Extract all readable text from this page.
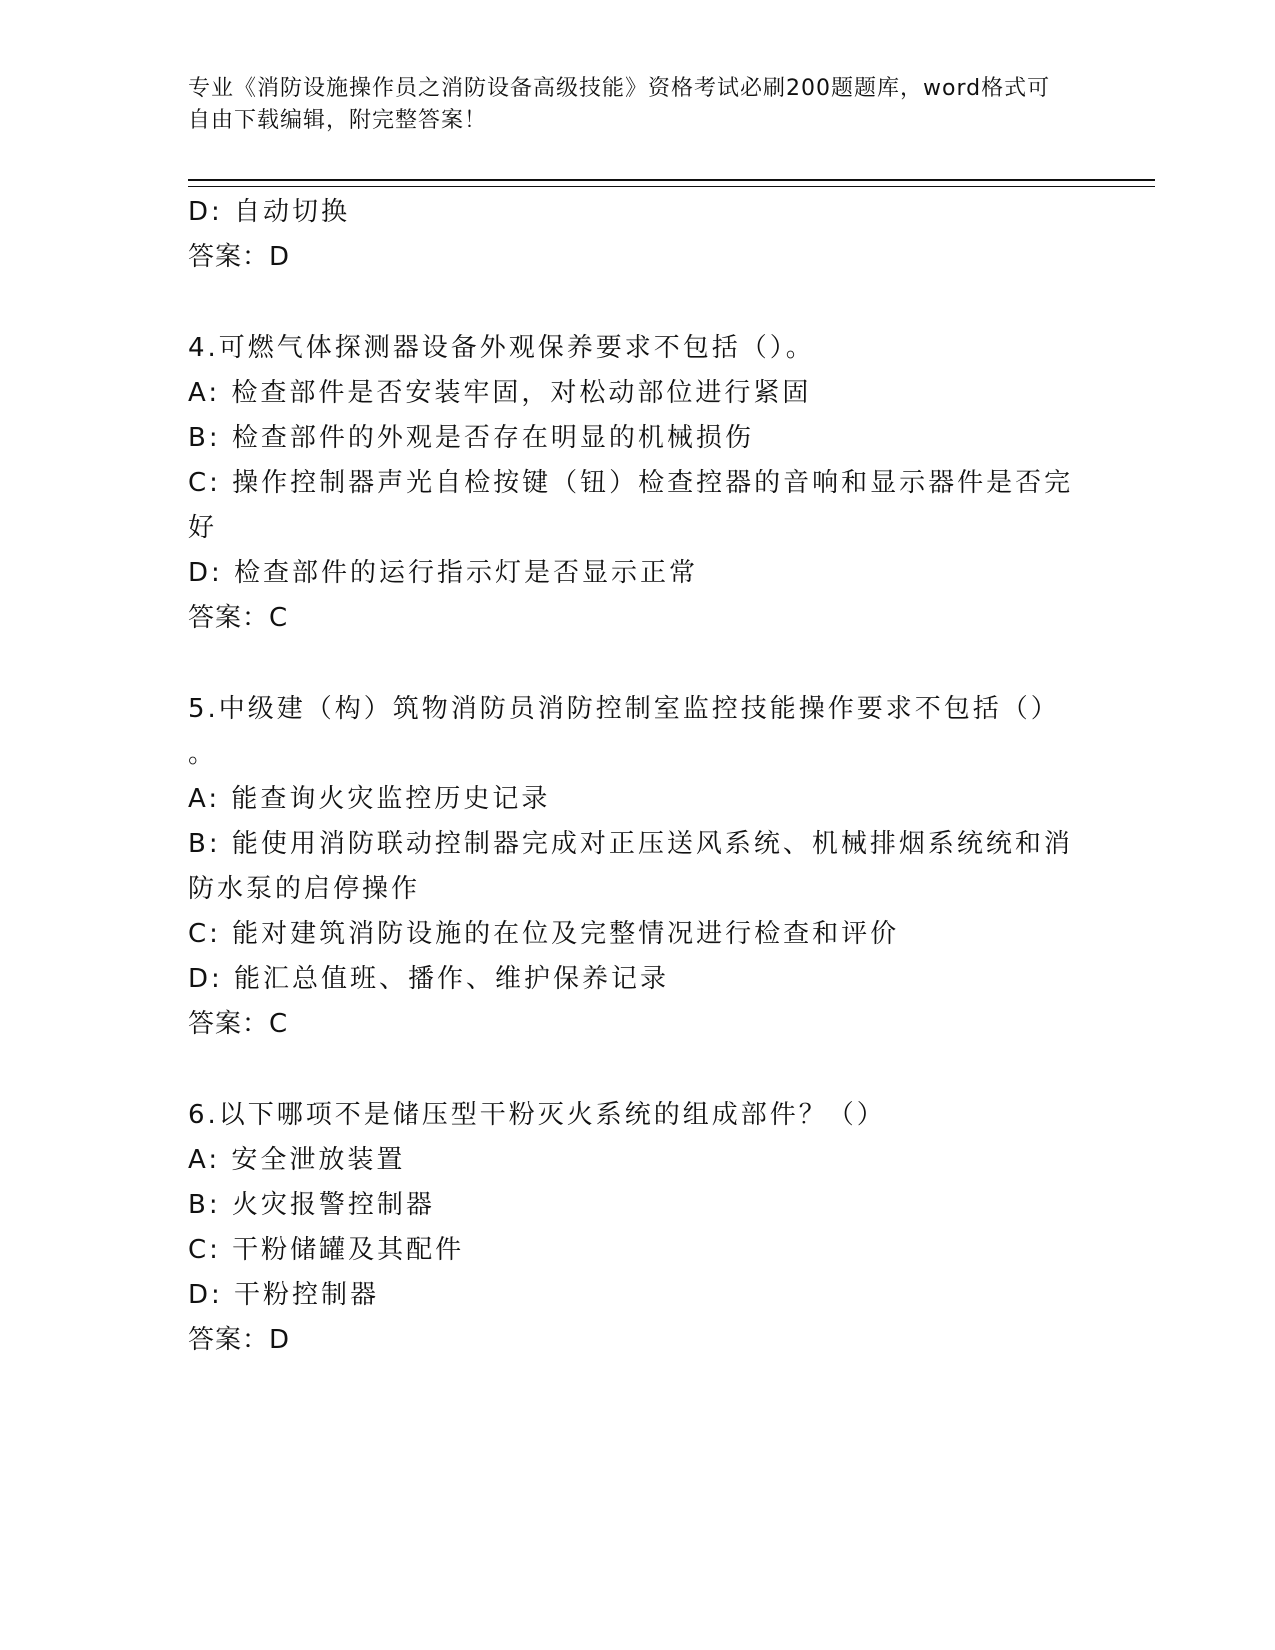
专业《消防设施操作员之消防设备高级技能》资格考试必刷200题题库，word格式可自由下载编辑，附完整答案！
D: 自动切换
答案：D
4.可燃气体探测器设备外观保养要求不包括（）。
A: 检查部件是否安装牢固，对松动部位进行紧固
B: 检查部件的外观是否存在明显的机械损伤
C: 操作控制器声光自检按键（钮）检查控器的音响和显示器件是否完
好
D: 检查部件的运行指示灯是否显示正常
答案：C
5.中级建（构）筑物消防员消防控制室监控技能操作要求不包括（）
。
A: 能查询火灾监控历史记录
B: 能使用消防联动控制器完成对正压送风系统、机械排烟系统统和消
防水泵的启停操作
C: 能对建筑消防设施的在位及完整情况进行检查和评价
D: 能汇总值班、播作、维护保养记录
答案：C
6.以下哪项不是储压型干粉灭火系统的组成部件？（）
A: 安全泄放装置
B: 火灾报警控制器
C: 干粉储罐及其配件
D: 干粉控制器
答案：D
